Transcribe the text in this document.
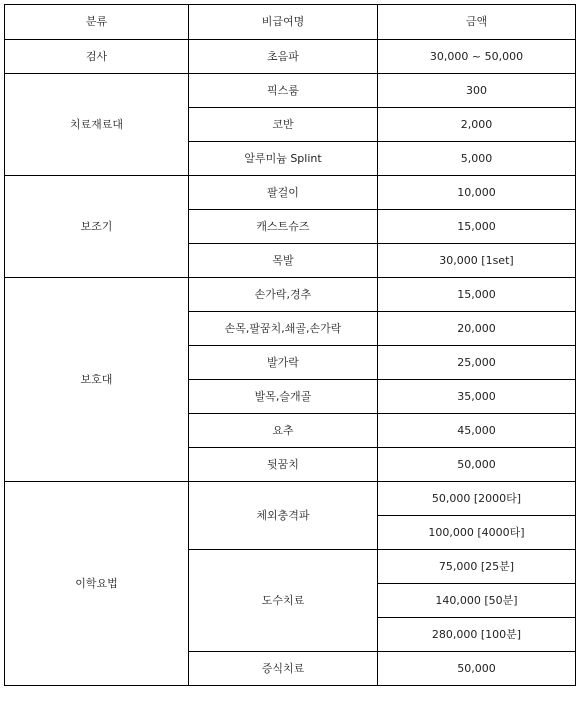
분류	비급여명	금액
검사	초음파	30,000 ~ 50,000
치료재료대	픽스룸	300
	코반	2,000
	알루미늄 Splint	5,000
보조기	팔걸이	10,000
	캐스트슈즈	15,000
	목발	30,000 [1set]
보호대	손가락,경추	15,000
	손목,팔꿈치,쇄골,손가락	20,000
	발가락	25,000
	발목,슬개골	35,000
	요추	45,000
	뒷꿈치	50,000
이학요법	체외충격파	50,000 [2000타]
		100,000 [4000타]
	도수치료	75,000 [25분]
		140,000 [50분]
		280,000 [100분]
	증식치료	50,000
